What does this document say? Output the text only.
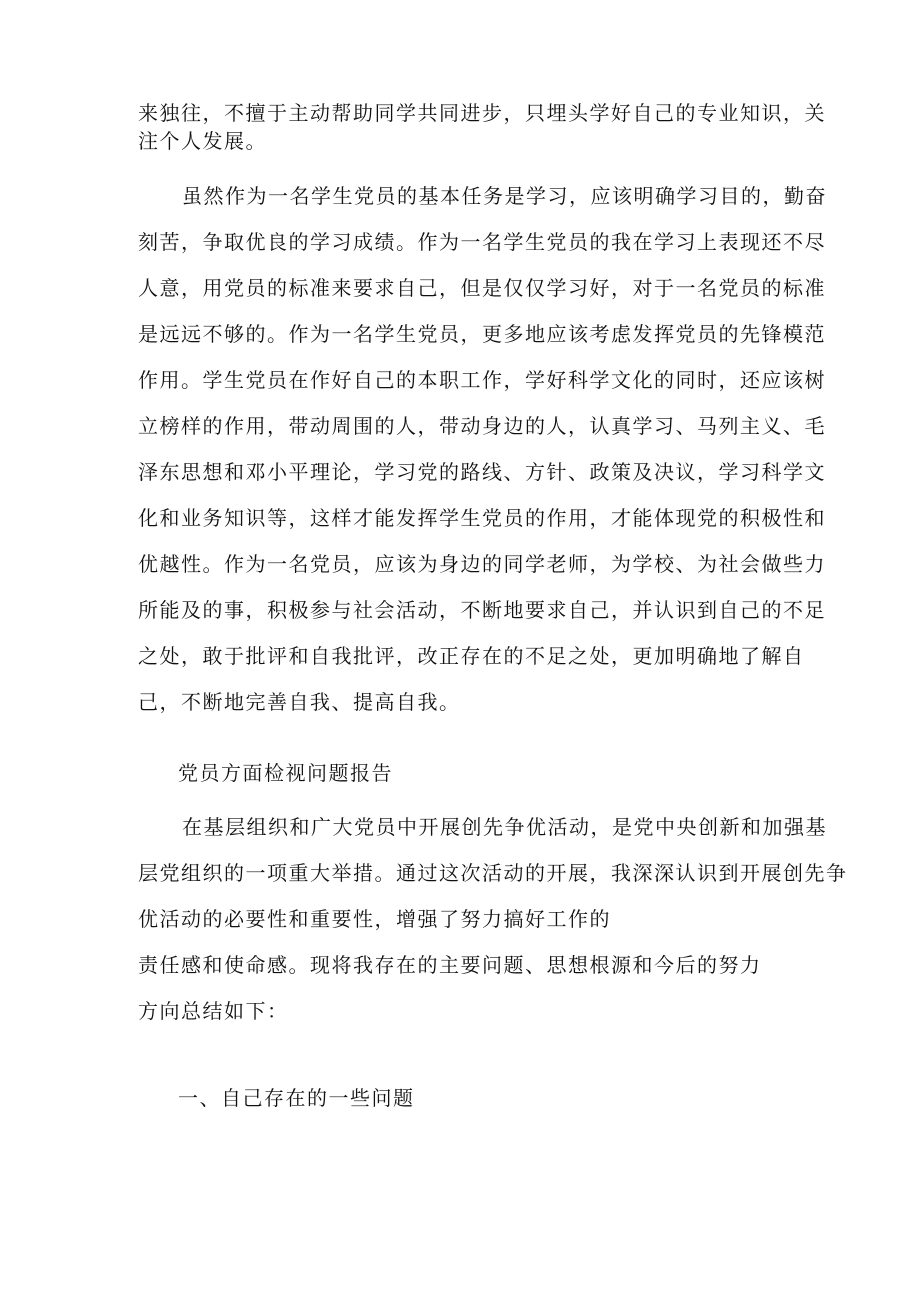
来独往，不擅于主动帮助同学共同进步，只埋头学好自己的专业知识，关

注个人发展。

虽然作为一名学生党员的基本任务是学习，应该明确学习目的，勤奋

刻苦，争取优良的学习成绩。作为一名学生党员的我在学习上表现还不尽

人意，用党员的标准来要求自己，但是仅仅学习好，对于一名党员的标准

是远远不够的。作为一名学生党员，更多地应该考虑发挥党员的先锋模范

作用。学生党员在作好自己的本职工作，学好科学文化的同时，还应该树

立榜样的作用，带动周围的人，带动身边的人，认真学习、马列主义、毛

泽东思想和邓小平理论，学习党的路线、方针、政策及决议，学习科学文

化和业务知识等，这样才能发挥学生党员的作用，才能体现党的积极性和

优越性。作为一名党员，应该为身边的同学老师，为学校、为社会做些力

所能及的事，积极参与社会活动，不断地要求自己，并认识到自己的不足

之处，敢于批评和自我批评，改正存在的不足之处，更加明确地了解自

己，不断地完善自我、提高自我。

党员方面检视问题报告

在基层组织和广大党员中开展创先争优活动，是党中央创新和加强基

层党组织的一项重大举措。通过这次活动的开展，我深深认识到开展创先争

优活动的必要性和重要性，增强了努力搞好工作的

责任感和使命感。现将我存在的主要问题、思想根源和今后的努力

方向总结如下：

一、自己存在的一些问题
